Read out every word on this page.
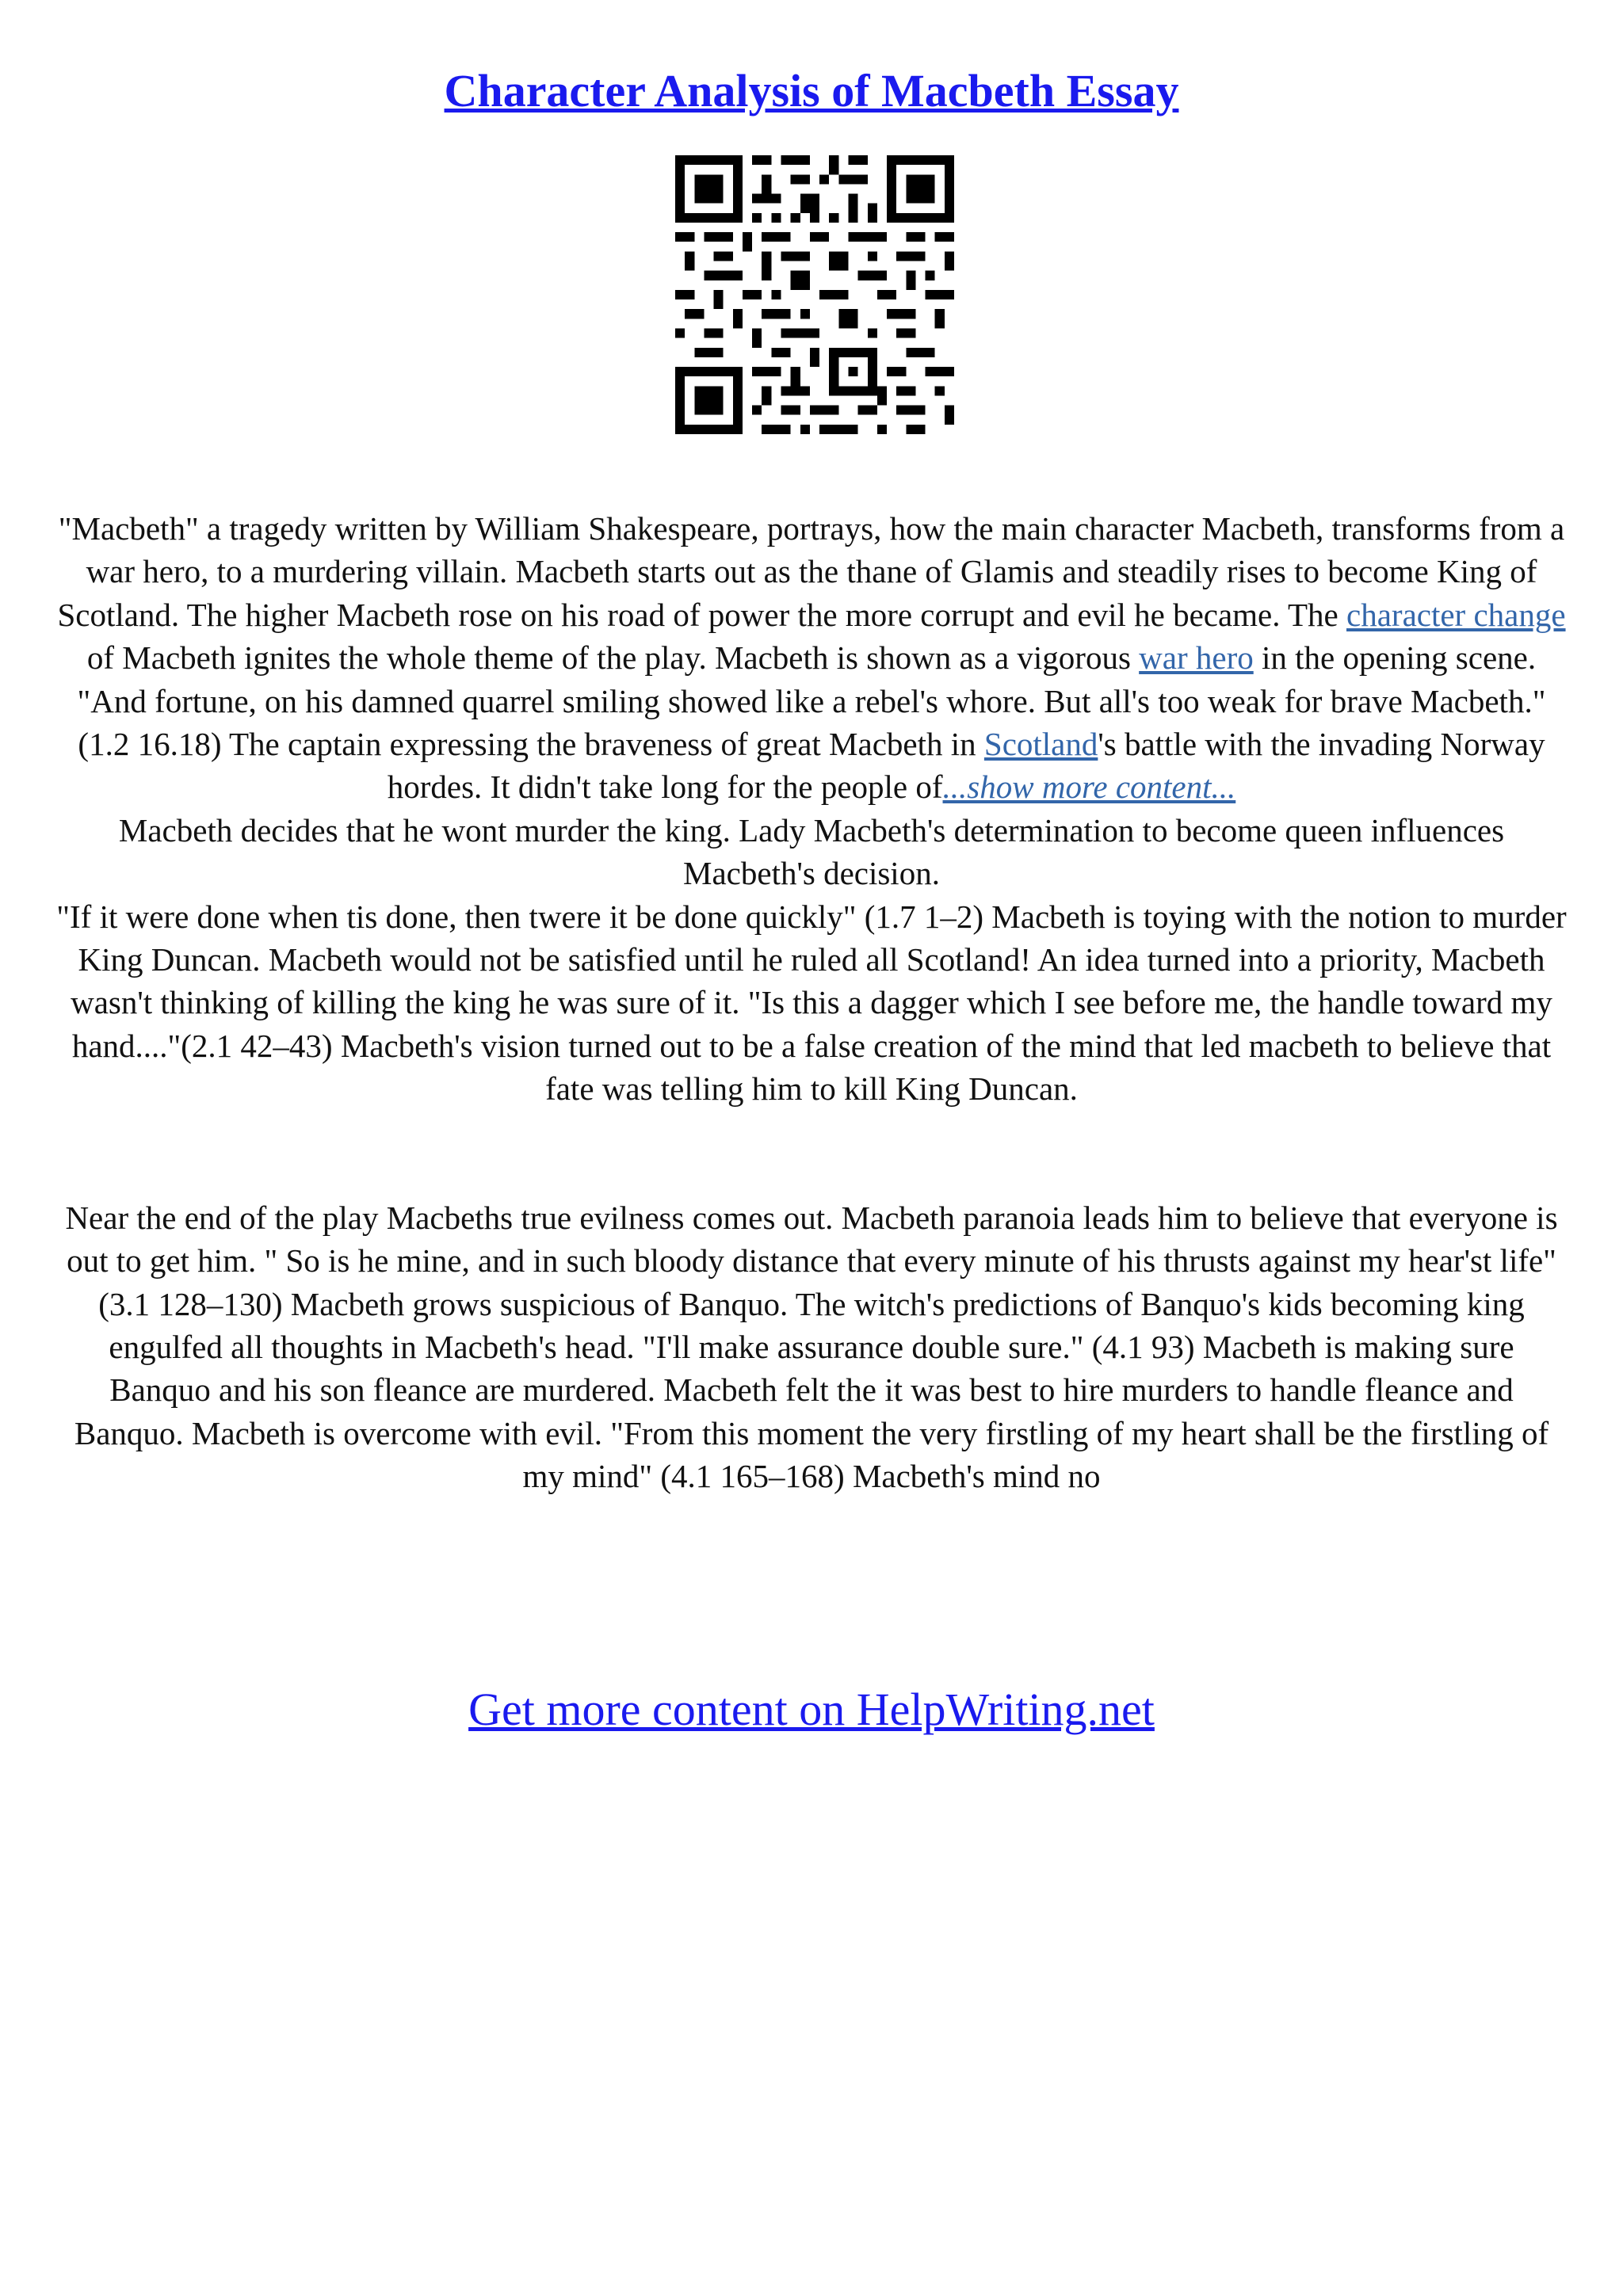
Character Analysis of Macbeth Essay

"Macbeth" a tragedy written by William Shakespeare, portrays, how the main character Macbeth, transforms from a war hero, to a murdering villain. Macbeth starts out as the thane of Glamis and steadily rises to become King of Scotland. The higher Macbeth rose on his road of power the more corrupt and evil he became. The character change of Macbeth ignites the whole theme of the play. Macbeth is shown as a vigorous war hero in the opening scene. "And fortune, on his damned quarrel smiling showed like a rebel's whore. But all's too weak for brave Macbeth." (1.2 16.18) The captain expressing the braveness of great Macbeth in Scotland's battle with the invading Norway hordes. It didn't take long for the people of...show more content...

Macbeth decides that he wont murder the king. Lady Macbeth's determination to become queen influences Macbeth's decision.

"If it were done when tis done, then twere it be done quickly" (1.7 1–2) Macbeth is toying with the notion to murder King Duncan. Macbeth would not be satisfied until he ruled all Scotland! An idea turned into a priority, Macbeth wasn't thinking of killing the king he was sure of it. "Is this a dagger which I see before me, the handle toward my hand...."(2.1 42–43) Macbeth's vision turned out to be a false creation of the mind that led macbeth to believe that fate was telling him to kill King Duncan.

Near the end of the play Macbeths true evilness comes out. Macbeth paranoia leads him to believe that everyone is out to get him. " So is he mine, and in such bloody distance that every minute of his thrusts against my hear'st life" (3.1 128–130) Macbeth grows suspicious of Banquo. The witch's predictions of Banquo's kids becoming king engulfed all thoughts in Macbeth's head. "I'll make assurance double sure." (4.1 93) Macbeth is making sure Banquo and his son fleance are murdered. Macbeth felt the it was best to hire murders to handle fleance and Banquo. Macbeth is overcome with evil. "From this moment the very firstling of my heart shall be the firstling of my mind" (4.1 165–168) Macbeth's mind no

Get more content on HelpWriting.net
